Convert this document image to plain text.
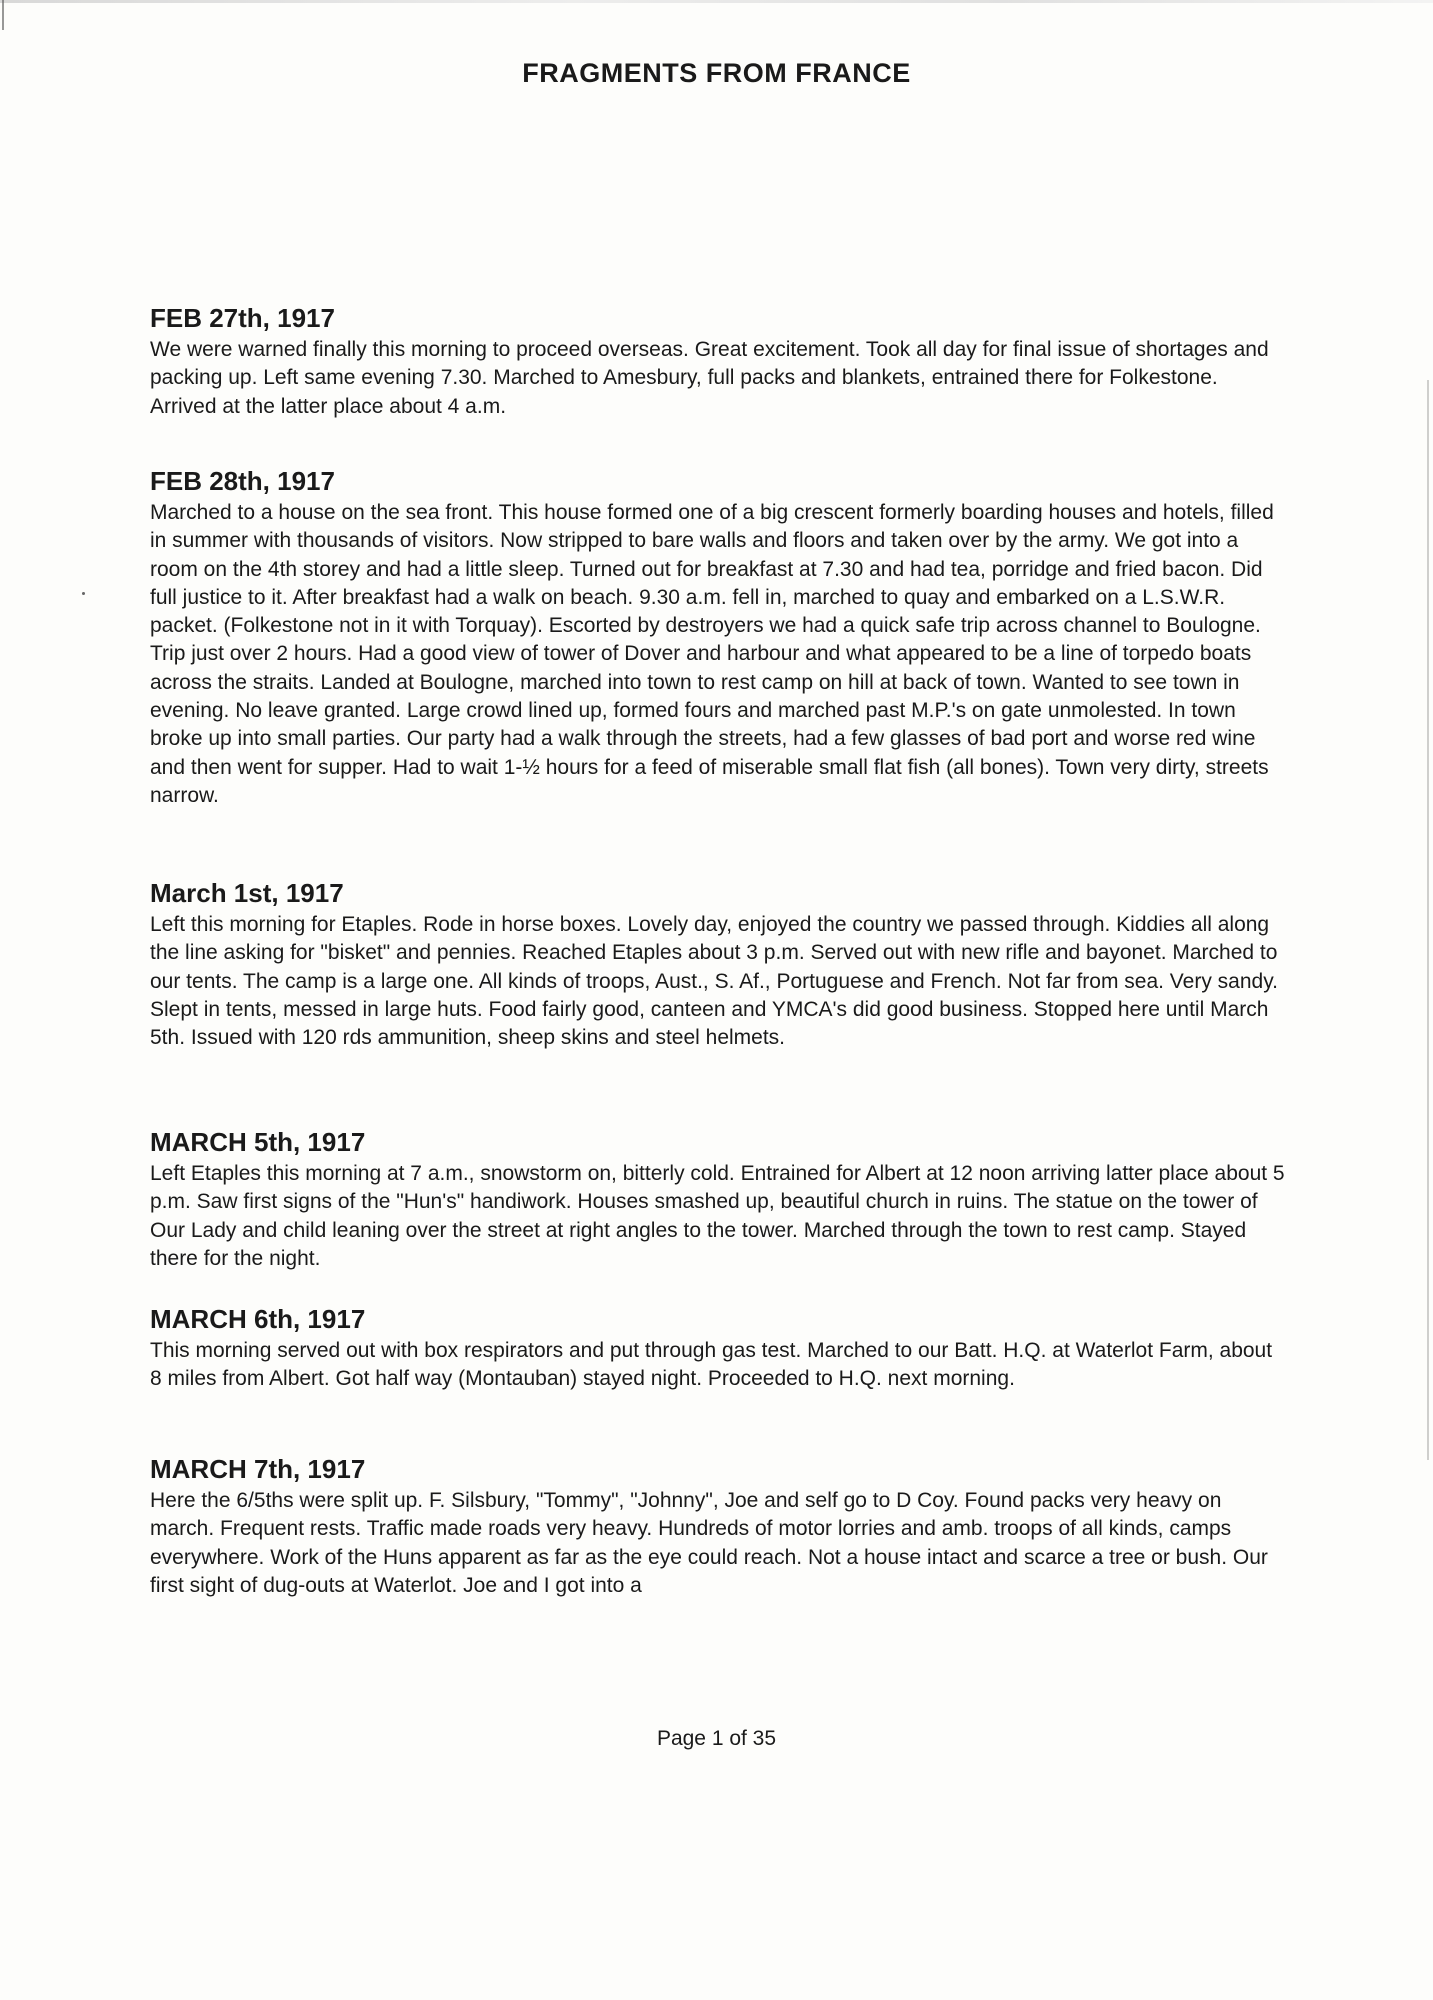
FRAGMENTS FROM FRANCE

FEB 27th, 1917

We were warned finally this morning to proceed overseas. Great excitement. Took all day for final issue of shortages and packing up. Left same evening 7.30. Marched to Amesbury, full packs and blankets, entrained there for Folkestone. Arrived at the latter place about 4 a.m.

FEB 28th, 1917

Marched to a house on the sea front. This house formed one of a big crescent formerly boarding houses and hotels, filled in summer with thousands of visitors. Now stripped to bare walls and floors and taken over by the army. We got into a room on the 4th storey and had a little sleep. Turned out for breakfast at 7.30 and had tea, porridge and fried bacon. Did full justice to it. After breakfast had a walk on beach. 9.30 a.m. fell in, marched to quay and embarked on a L.S.W.R. packet. (Folkestone not in it with Torquay). Escorted by destroyers we had a quick safe trip across channel to Boulogne. Trip just over 2 hours. Had a good view of tower of Dover and harbour and what appeared to be a line of torpedo boats across the straits. Landed at Boulogne, marched into town to rest camp on hill at back of town. Wanted to see town in evening. No leave granted. Large crowd lined up, formed fours and marched past M.P.'s on gate unmolested. In town broke up into small parties. Our party had a walk through the streets, had a few glasses of bad port and worse red wine and then went for supper. Had to wait 1-½ hours for a feed of miserable small flat fish (all bones). Town very dirty, streets narrow.

March 1st, 1917

Left this morning for Etaples. Rode in horse boxes. Lovely day, enjoyed the country we passed through. Kiddies all along the line asking for "bisket" and pennies. Reached Etaples about 3 p.m. Served out with new rifle and bayonet. Marched to our tents. The camp is a large one. All kinds of troops, Aust., S. Af., Portuguese and French. Not far from sea. Very sandy. Slept in tents, messed in large huts. Food fairly good, canteen and YMCA's did good business. Stopped here until March 5th. Issued with 120 rds ammunition, sheep skins and steel helmets.

MARCH 5th, 1917

Left Etaples this morning at 7 a.m., snowstorm on, bitterly cold. Entrained for Albert at 12 noon arriving latter place about 5 p.m. Saw first signs of the "Hun's" handiwork. Houses smashed up, beautiful church in ruins. The statue on the tower of Our Lady and child leaning over the street at right angles to the tower. Marched through the town to rest camp. Stayed there for the night.

MARCH 6th, 1917

This morning served out with box respirators and put through gas test. Marched to our Batt. H.Q. at Waterlot Farm, about 8 miles from Albert. Got half way (Montauban) stayed night. Proceeded to H.Q. next morning.

MARCH 7th, 1917

Here the 6/5ths were split up. F. Silsbury, "Tommy", "Johnny", Joe and self go to D Coy. Found packs very heavy on march. Frequent rests. Traffic made roads very heavy. Hundreds of motor lorries and amb. troops of all kinds, camps everywhere. Work of the Huns apparent as far as the eye could reach. Not a house intact and scarce a tree or bush. Our first sight of dug-outs at Waterlot. Joe and I got into a

Page 1 of 35
